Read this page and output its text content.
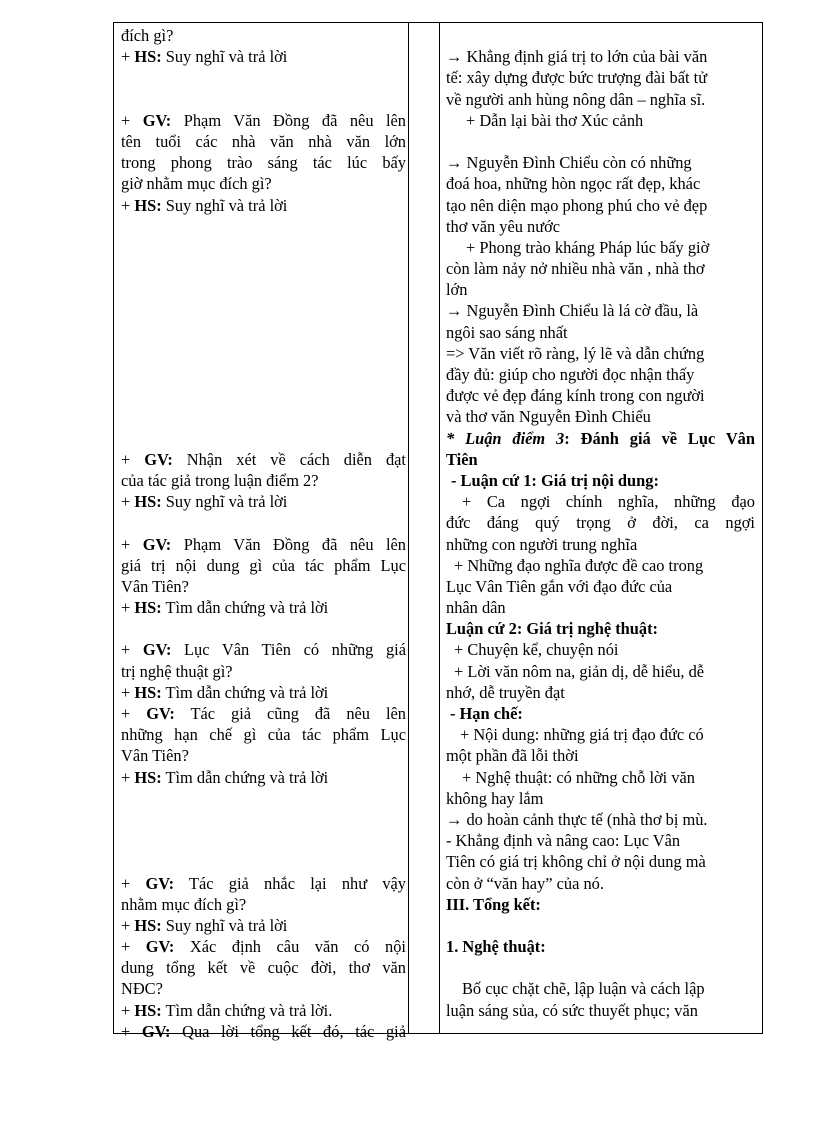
đích gì?
+ HS: Suy nghĩ và trả lời
+ GV: Phạm Văn Đồng đã nêu lên
tên tuổi các nhà văn nhà văn lớn
trong phong trào sáng tác lúc bấy
giờ nhằm mục đích gì?
+ HS: Suy nghĩ và trả lời
+ GV: Nhận xét về cách diễn đạt
của tác giả trong luận điểm 2?
+ HS: Suy nghĩ và trả lời
+ GV: Phạm Văn Đồng đã nêu lên
giá trị nội dung gì của tác phẩm Lục
Vân Tiên?
+ HS: Tìm dẫn chứng và trả lời
+ GV: Lục Vân Tiên có những giá
trị nghệ thuật gì?
+ HS: Tìm dẫn chứng và trả lời
+ GV: Tác giả cũng đã nêu lên
những hạn chế gì của tác phẩm Lục
Vân Tiên?
+ HS: Tìm dẫn chứng và trả lời
+ GV: Tác giả nhắc lại như vậy
nhằm mục đích gì?
+ HS: Suy nghĩ và trả lời
+ GV: Xác định câu văn có nội
dung tổng kết về cuộc đời, thơ văn
NĐC?
+ HS: Tìm dẫn chứng và trả lời.
+ GV: Qua lời tổng kết đó, tác giả
→ Khẳng định giá trị to lớn của bài văn
tế: xây dựng được bức trượng đài bất tử
về người anh hùng nông dân – nghĩa sĩ.
+ Dẫn lại bài thơ Xúc cảnh
→ Nguyễn Đình Chiểu còn có những
đoá hoa, những hòn ngọc rất đẹp, khác
tạo nên diện mạo phong phú cho vẻ đẹp
thơ văn yêu nước
+ Phong trào kháng Pháp lúc bấy giờ
còn làm nảy nở nhiều nhà văn , nhà thơ
lớn
→ Nguyễn Đình Chiểu là lá cờ đầu, là
ngôi sao sáng nhất
=> Văn viết rõ ràng, lý lẽ và dẫn chứng
đầy đủ: giúp cho người đọc nhận thấy
được vẻ đẹp đáng kính trong con người
và thơ văn Nguyễn Đình Chiểu
* Luận điểm 3: Đánh giá về Lục Vân
Tiên
- Luận cứ 1: Giá trị nội dung:
+ Ca ngợi chính nghĩa, những đạo
đức đáng quý trọng ở đời, ca ngợi
những con người trung nghĩa
+ Những đạo nghĩa được đề cao trong
Lục Vân Tiên gắn với đạo đức của
nhân dân
Luận cứ 2: Giá trị nghệ thuật:
+ Chuyện kể, chuyện nói
+ Lời văn nôm na, giản dị, dễ hiểu, dễ
nhớ, dễ truyền đạt
- Hạn chế:
+ Nội dung: những giá trị đạo đức có
một phần đã lỗi thời
+ Nghệ thuật: có những chỗ lời văn
không hay lắm
→ do hoàn cảnh thực tế (nhà thơ bị mù.
- Khẳng định và nâng cao: Lục Vân
Tiên có giá trị không chỉ ở nội dung mà
còn ở “văn hay” của nó.
III. Tổng kết:
1. Nghệ thuật:
Bố cục chặt chẽ, lập luận và cách lập
luận sáng sủa, có sức thuyết phục; văn
